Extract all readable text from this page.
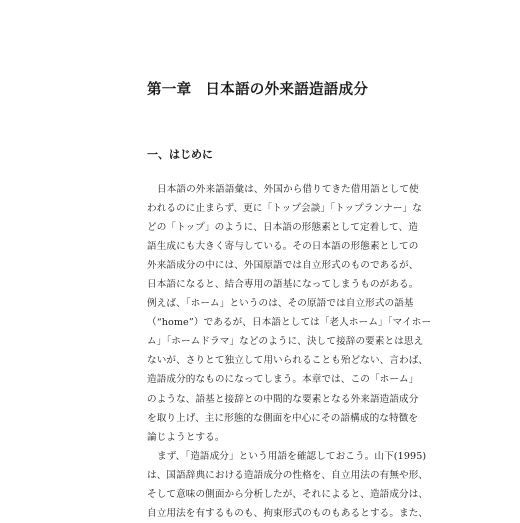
第一章 日本語の外来語造語成分
一、はじめに
日本語の外来語語彙は、外国から借りてきた借用語として使
われるのに止まらず、更に「トップ会談」「トップランナー」な
どの「トップ」のように、日本語の形態素として定着して、造
語生成にも大きく寄与している。その日本語の形態素としての
外来語成分の中には、外国原語では自立形式のものであるが、
日本語になると、結合専用の語基になってしまうものがある。
例えば、「ホーム」というのは、その原語では自立形式の語基
（“home”）であるが、日本語としては「老人ホーム」「マイホー
ム」「ホームドラマ」などのように、決して接辞の要素とは思え
ないが、さりとて独立して用いられることも殆どない、言わば、
造語成分的なものになってしまう。本章では、この「ホーム」
のような、語基と接辞との中間的な要素となる外来語造語成分
を取り上げ、主に形態的な側面を中心にその語構成的な特徴を
論じようとする。
まず、「造語成分」という用語を確認しておこう。山下(1995)
は、国語辞典における造語成分の性格を、自立用法の有無や形、
そして意味の側面から分析したが、それによると、造語成分は、
自立用法を有するものも、拘束形式のものもあるとする。また、
